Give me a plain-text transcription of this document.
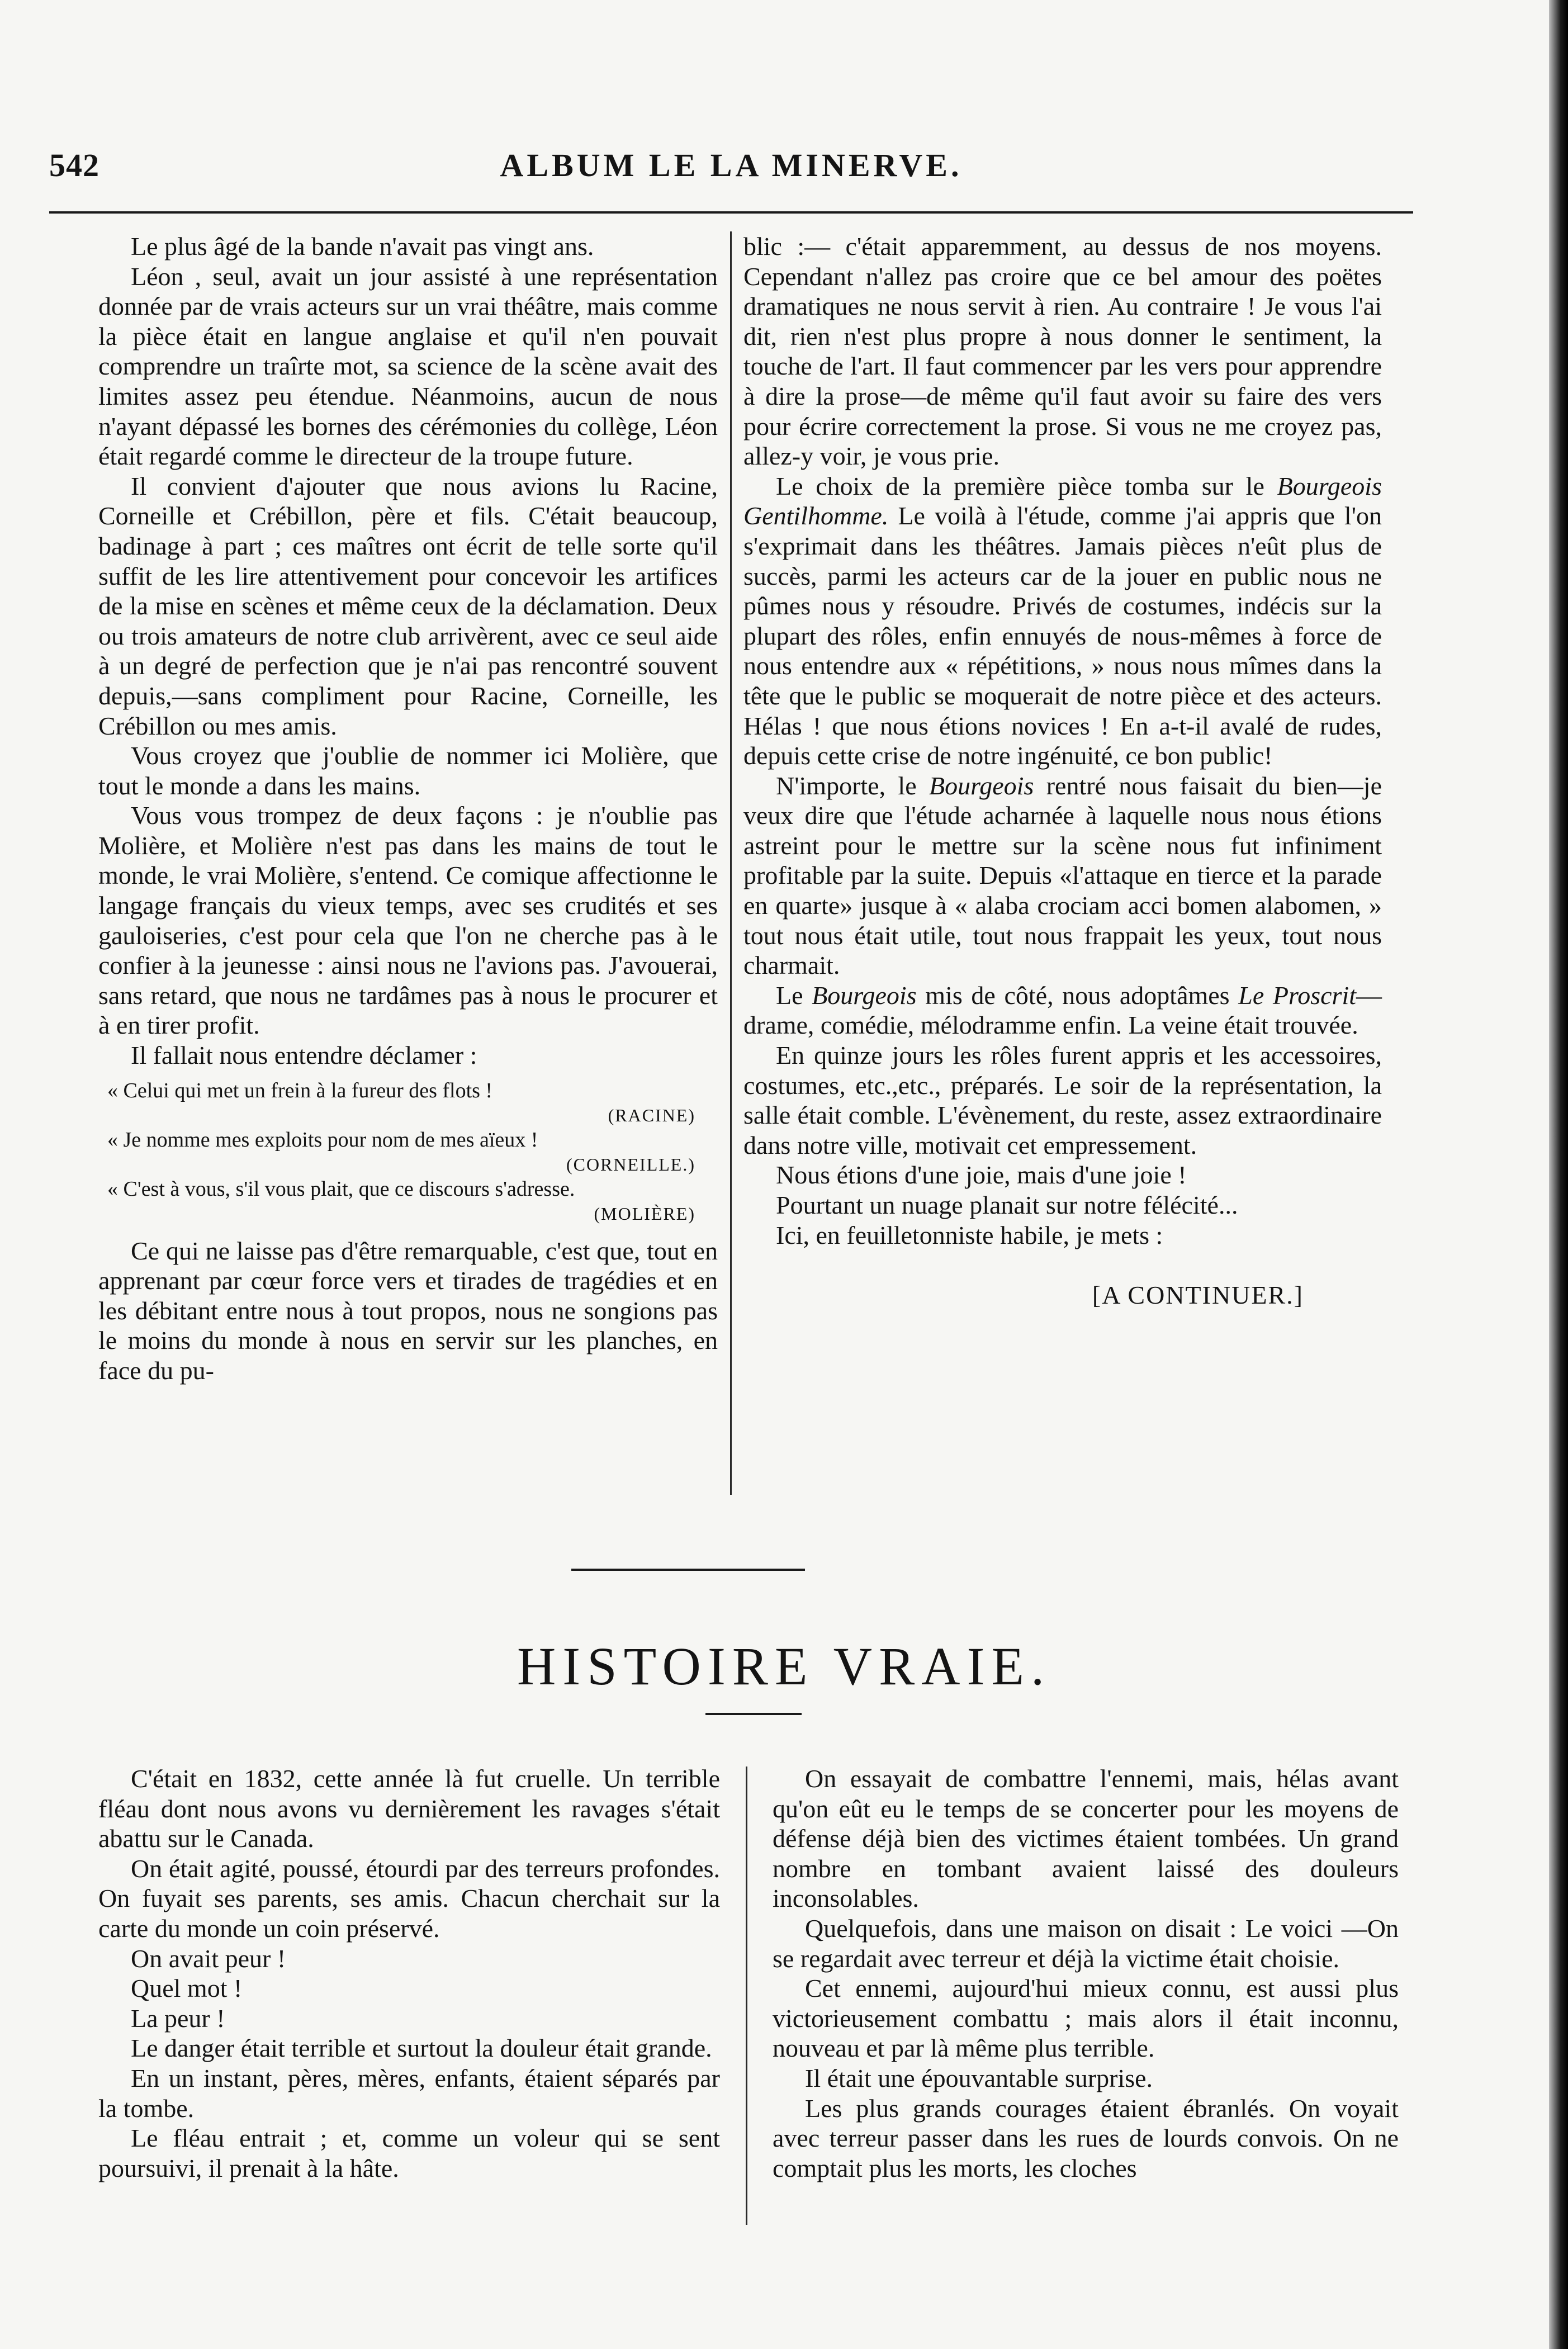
542	ALBUM LE LA MINERVE.

Le plus âgé de la bande n'avait pas vingt ans.

Léon , seul, avait un jour assisté à une représentation donnée par de vrais acteurs sur un vrai théâtre, mais comme la pièce était en langue anglaise et qu'il n'en pouvait comprendre un traîrte mot, sa science de la scène avait des limites assez peu étendue. Néanmoins, aucun de nous n'ayant dépassé les bornes des cérémonies du collège, Léon était regardé comme le directeur de la troupe future.

Il convient d'ajouter que nous avions lu Racine, Corneille et Crébillon, père et fils. C'était beaucoup, badinage à part ; ces maîtres ont écrit de telle sorte qu'il suffit de les lire attentivement pour concevoir les artifices de la mise en scènes et même ceux de la déclamation. Deux ou trois amateurs de notre club arrivèrent, avec ce seul aide à un degré de perfection que je n'ai pas rencontré souvent depuis,—sans compliment pour Racine, Corneille, les Crébillon ou mes amis.

Vous croyez que j'oublie de nommer ici Molière, que tout le monde a dans les mains.

Vous vous trompez de deux façons : je n'oublie pas Molière, et Molière n'est pas dans les mains de tout le monde, le vrai Molière, s'entend. Ce comique affectionne le langage français du vieux temps, avec ses crudités et ses gauloiseries, c'est pour cela que l'on ne cherche pas à le confier à la jeunesse : ainsi nous ne l'avions pas. J'avouerai, sans retard, que nous ne tardâmes pas à nous le procurer et à en tirer profit.

Il fallait nous entendre déclamer :

« Celui qui met un frein à la fureur des flots !
(RACINE)
« Je nomme mes exploits pour nom de mes aïeux !
(CORNEILLE.)
« C'est à vous, s'il vous plait, que ce discours s'adresse.
(MOLIÈRE)

Ce qui ne laisse pas d'être remarquable, c'est que, tout en apprenant par cœur force vers et tirades de tragédies et en les débitant entre nous à tout propos, nous ne songions pas le moins du monde à nous en servir sur les planches, en face du pu-

blic :— c'était apparemment, au dessus de nos moyens. Cependant n'allez pas croire que ce bel amour des poëtes dramatiques ne nous servit à rien. Au contraire ! Je vous l'ai dit, rien n'est plus propre à nous donner le sentiment, la touche de l'art. Il faut commencer par les vers pour apprendre à dire la prose—de même qu'il faut avoir su faire des vers pour écrire correctement la prose. Si vous ne me croyez pas, allez-y voir, je vous prie.

Le choix de la première pièce tomba sur le Bourgeois Gentilhomme. Le voilà à l'étude, comme j'ai appris que l'on s'exprimait dans les théâtres. Jamais pièces n'eût plus de succès, parmi les acteurs car de la jouer en public nous ne pûmes nous y résoudre. Privés de costumes, indécis sur la plupart des rôles, enfin ennuyés de nous-mêmes à force de nous entendre aux « répétitions, » nous nous mîmes dans la tête que le public se moquerait de notre pièce et des acteurs. Hélas ! que nous étions novices ! En a-t-il avalé de rudes, depuis cette crise de notre ingénuité, ce bon public!

N'importe, le Bourgeois rentré nous faisait du bien—je veux dire que l'étude acharnée à laquelle nous nous étions astreint pour le mettre sur la scène nous fut infiniment profitable par la suite. Depuis «l'attaque en tierce et la parade en quarte» jusque à « alaba crociam acci bomen alabomen, » tout nous était utile, tout nous frappait les yeux, tout nous charmait.

Le Bourgeois mis de côté, nous adoptâmes Le Proscrit—drame, comédie, mélodramme enfin. La veine était trouvée.

En quinze jours les rôles furent appris et les accessoires, costumes, etc.,etc., préparés. Le soir de la représentation, la salle était comble. L'évènement, du reste, assez extraordinaire dans notre ville, motivait cet empressement.

Nous étions d'une joie, mais d'une joie !

Pourtant un nuage planait sur notre félécité...

Ici, en feuilletonniste habile, je mets :

[A CONTINUER.]
HISTOIRE VRAIE.

C'était en 1832, cette année là fut cruelle. Un terrible fléau dont nous avons vu dernièrement les ravages s'était abattu sur le Canada.

On était agité, poussé, étourdi par des terreurs profondes. On fuyait ses parents, ses amis. Chacun cherchait sur la carte du monde un coin préservé.

On avait peur !

Quel mot !

La peur !

Le danger était terrible et surtout la douleur était grande.

En un instant, pères, mères, enfants, étaient séparés par la tombe.

Le fléau entrait ; et, comme un voleur qui se sent poursuivi, il prenait à la hâte.

On essayait de combattre l'ennemi, mais, hélas avant qu'on eût eu le temps de se concerter pour les moyens de défense déjà bien des victimes étaient tombées. Un grand nombre en tombant avaient laissé des douleurs inconsolables.

Quelquefois, dans une maison on disait : Le voici —On se regardait avec terreur et déjà la victime était choisie.

Cet ennemi, aujourd'hui mieux connu, est aussi plus victorieusement combattu ; mais alors il était inconnu, nouveau et par là même plus terrible.

Il était une épouvantable surprise.

Les plus grands courages étaient ébranlés. On voyait avec terreur passer dans les rues de lourds convois. On ne comptait plus les morts, les cloches
